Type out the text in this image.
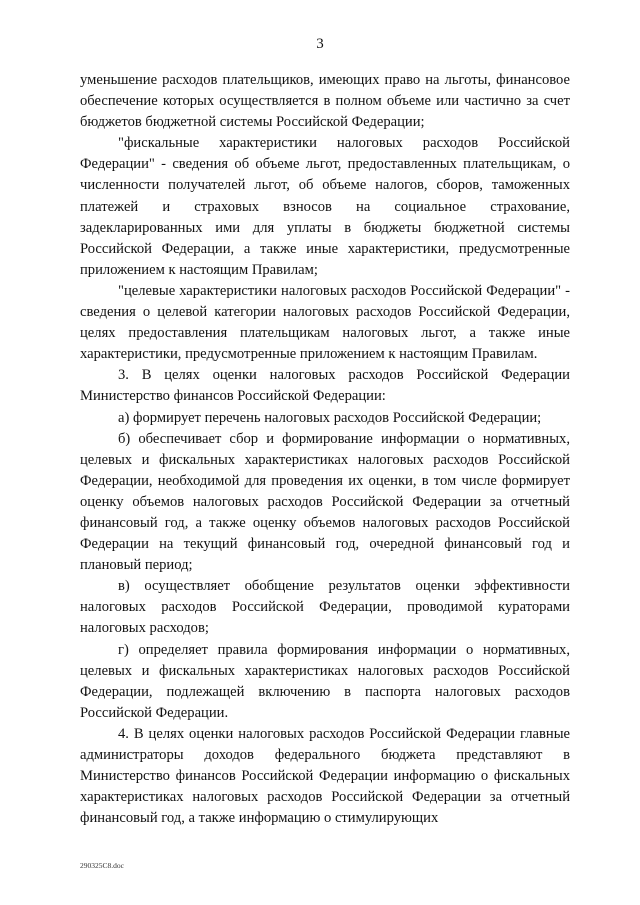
3

уменьшение расходов плательщиков, имеющих право на льготы, финансовое обеспечение которых осуществляется в полном объеме или частично за счет бюджетов бюджетной системы Российской Федерации;

"фискальные характеристики налоговых расходов Российской Федерации" - сведения об объеме льгот, предоставленных плательщикам, о численности получателей льгот, об объеме налогов, сборов, таможенных платежей и страховых взносов на социальное страхование, задекларированных ими для уплаты в бюджеты бюджетной системы Российской Федерации, а также иные характеристики, предусмотренные приложением к настоящим Правилам;

"целевые характеристики налоговых расходов Российской Федерации" - сведения о целевой категории налоговых расходов Российской Федерации, целях предоставления плательщикам налоговых льгот, а также иные характеристики, предусмотренные приложением к настоящим Правилам.

3. В целях оценки налоговых расходов Российской Федерации Министерство финансов Российской Федерации:

а) формирует перечень налоговых расходов Российской Федерации;

б) обеспечивает сбор и формирование информации о нормативных, целевых и фискальных характеристиках налоговых расходов Российской Федерации, необходимой для проведения их оценки, в том числе формирует оценку объемов налоговых расходов Российской Федерации за отчетный финансовый год, а также оценку объемов налоговых расходов Российской Федерации на текущий финансовый год, очередной финансовый год и плановый период;

в) осуществляет обобщение результатов оценки эффективности налоговых расходов Российской Федерации, проводимой кураторами налоговых расходов;

г) определяет правила формирования информации о нормативных, целевых и фискальных характеристиках налоговых расходов Российской Федерации, подлежащей включению в паспорта налоговых расходов Российской Федерации.

4. В целях оценки налоговых расходов Российской Федерации главные администраторы доходов федерального бюджета представляют в Министерство финансов Российской Федерации информацию о фискальных характеристиках налоговых расходов Российской Федерации за отчетный финансовый год, а также информацию о стимулирующих

290325С8.doc
